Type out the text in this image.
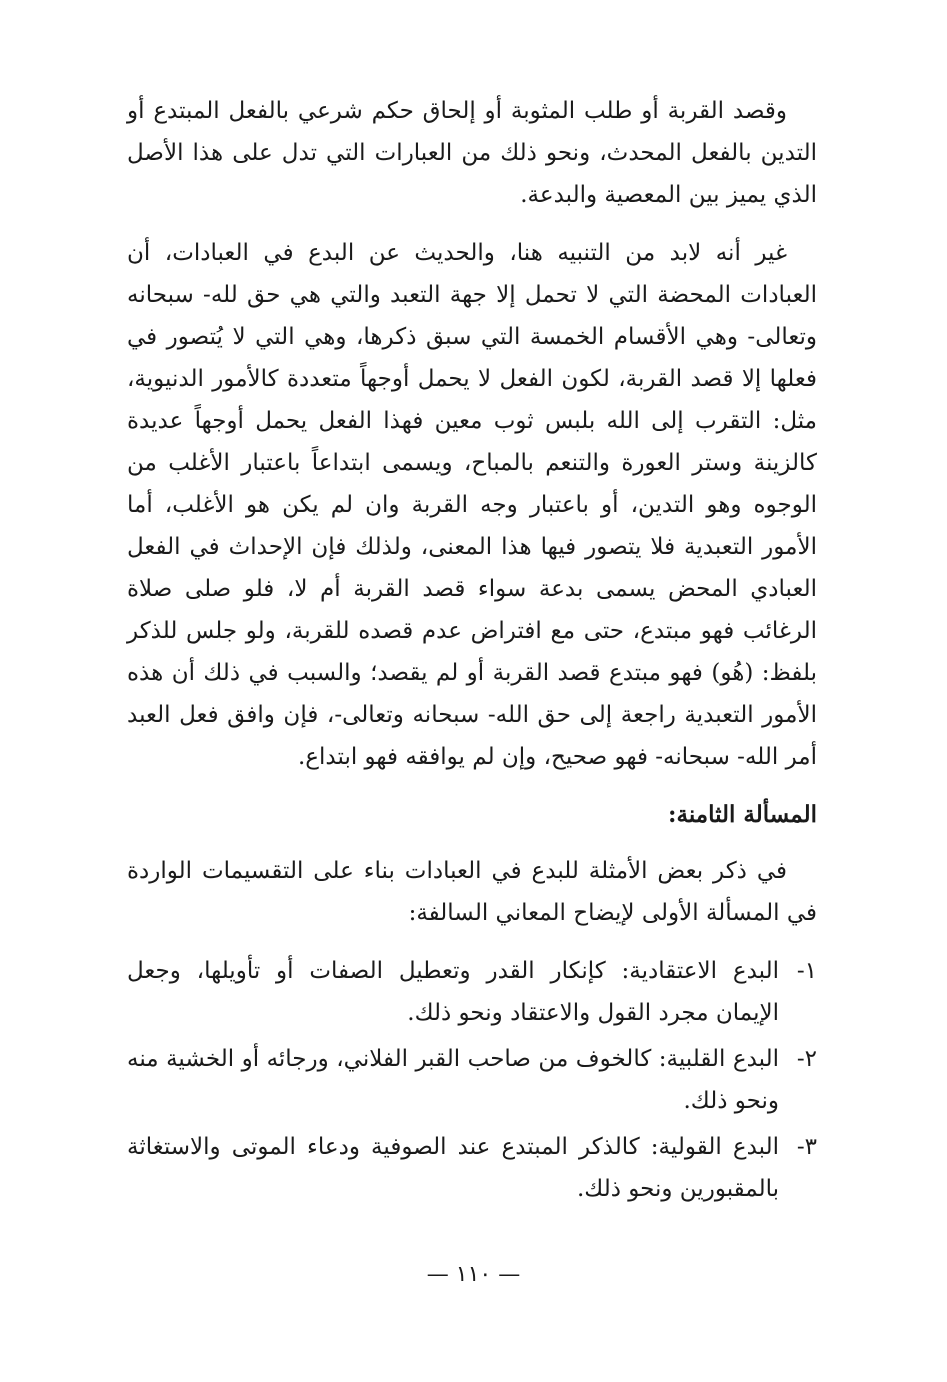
وقصد القربة أو طلب المثوبة أو إلحاق حكم شرعي بالفعل المبتدع أو التدين بالفعل المحدث، ونحو ذلك من العبارات التي تدل على هذا الأصل الذي يميز بين المعصية والبدعة.

غير أنه لابد من التنبيه هنا، والحديث عن البدع في العبادات، أن العبادات المحضة التي لا تحمل إلا جهة التعبد والتي هي حق لله- سبحانه وتعالى- وهي الأقسام الخمسة التي سبق ذكرها، وهي التي لا يُتصور في فعلها إلا قصد القربة، لكون الفعل لا يحمل أوجهاً متعددة كالأمور الدنيوية، مثل: التقرب إلى الله بلبس ثوب معين فهذا الفعل يحمل أوجهاً عديدة كالزينة وستر العورة والتنعم بالمباح، ويسمى ابتداعاً باعتبار الأغلب من الوجوه وهو التدين، أو باعتبار وجه القربة وان لم يكن هو الأغلب، أما الأمور التعبدية فلا يتصور فيها هذا المعنى، ولذلك فإن الإحداث في الفعل العبادي المحض يسمى بدعة سواء قصد القربة أم لا، فلو صلى صلاة الرغائب فهو مبتدع، حتى مع افتراض عدم قصده للقربة، ولو جلس للذكر بلفظ: (هُو) فهو مبتدع قصد القربة أو لم يقصد؛ والسبب في ذلك أن هذه الأمور التعبدية راجعة إلى حق الله- سبحانه وتعالى-، فإن وافق فعل العبد أمر الله- سبحانه- فهو صحيح، وإن لم يوافقه فهو ابتداع.

المسألة الثامنة:

في ذكر بعض الأمثلة للبدع في العبادات بناء على التقسيمات الواردة في المسألة الأولى لإيضاح المعاني السالفة:

١-البدع الاعتقادية: كإنكار القدر وتعطيل الصفات أو تأويلها، وجعل الإيمان مجرد القول والاعتقاد ونحو ذلك.
٢-البدع القلبية: كالخوف من صاحب القبر الفلاني، ورجائه أو الخشية منه ونحو ذلك.
٣-البدع القولية: كالذكر المبتدع عند الصوفية ودعاء الموتى والاستغاثة بالمقبورين ونحو ذلك.
— ١١٠ —
